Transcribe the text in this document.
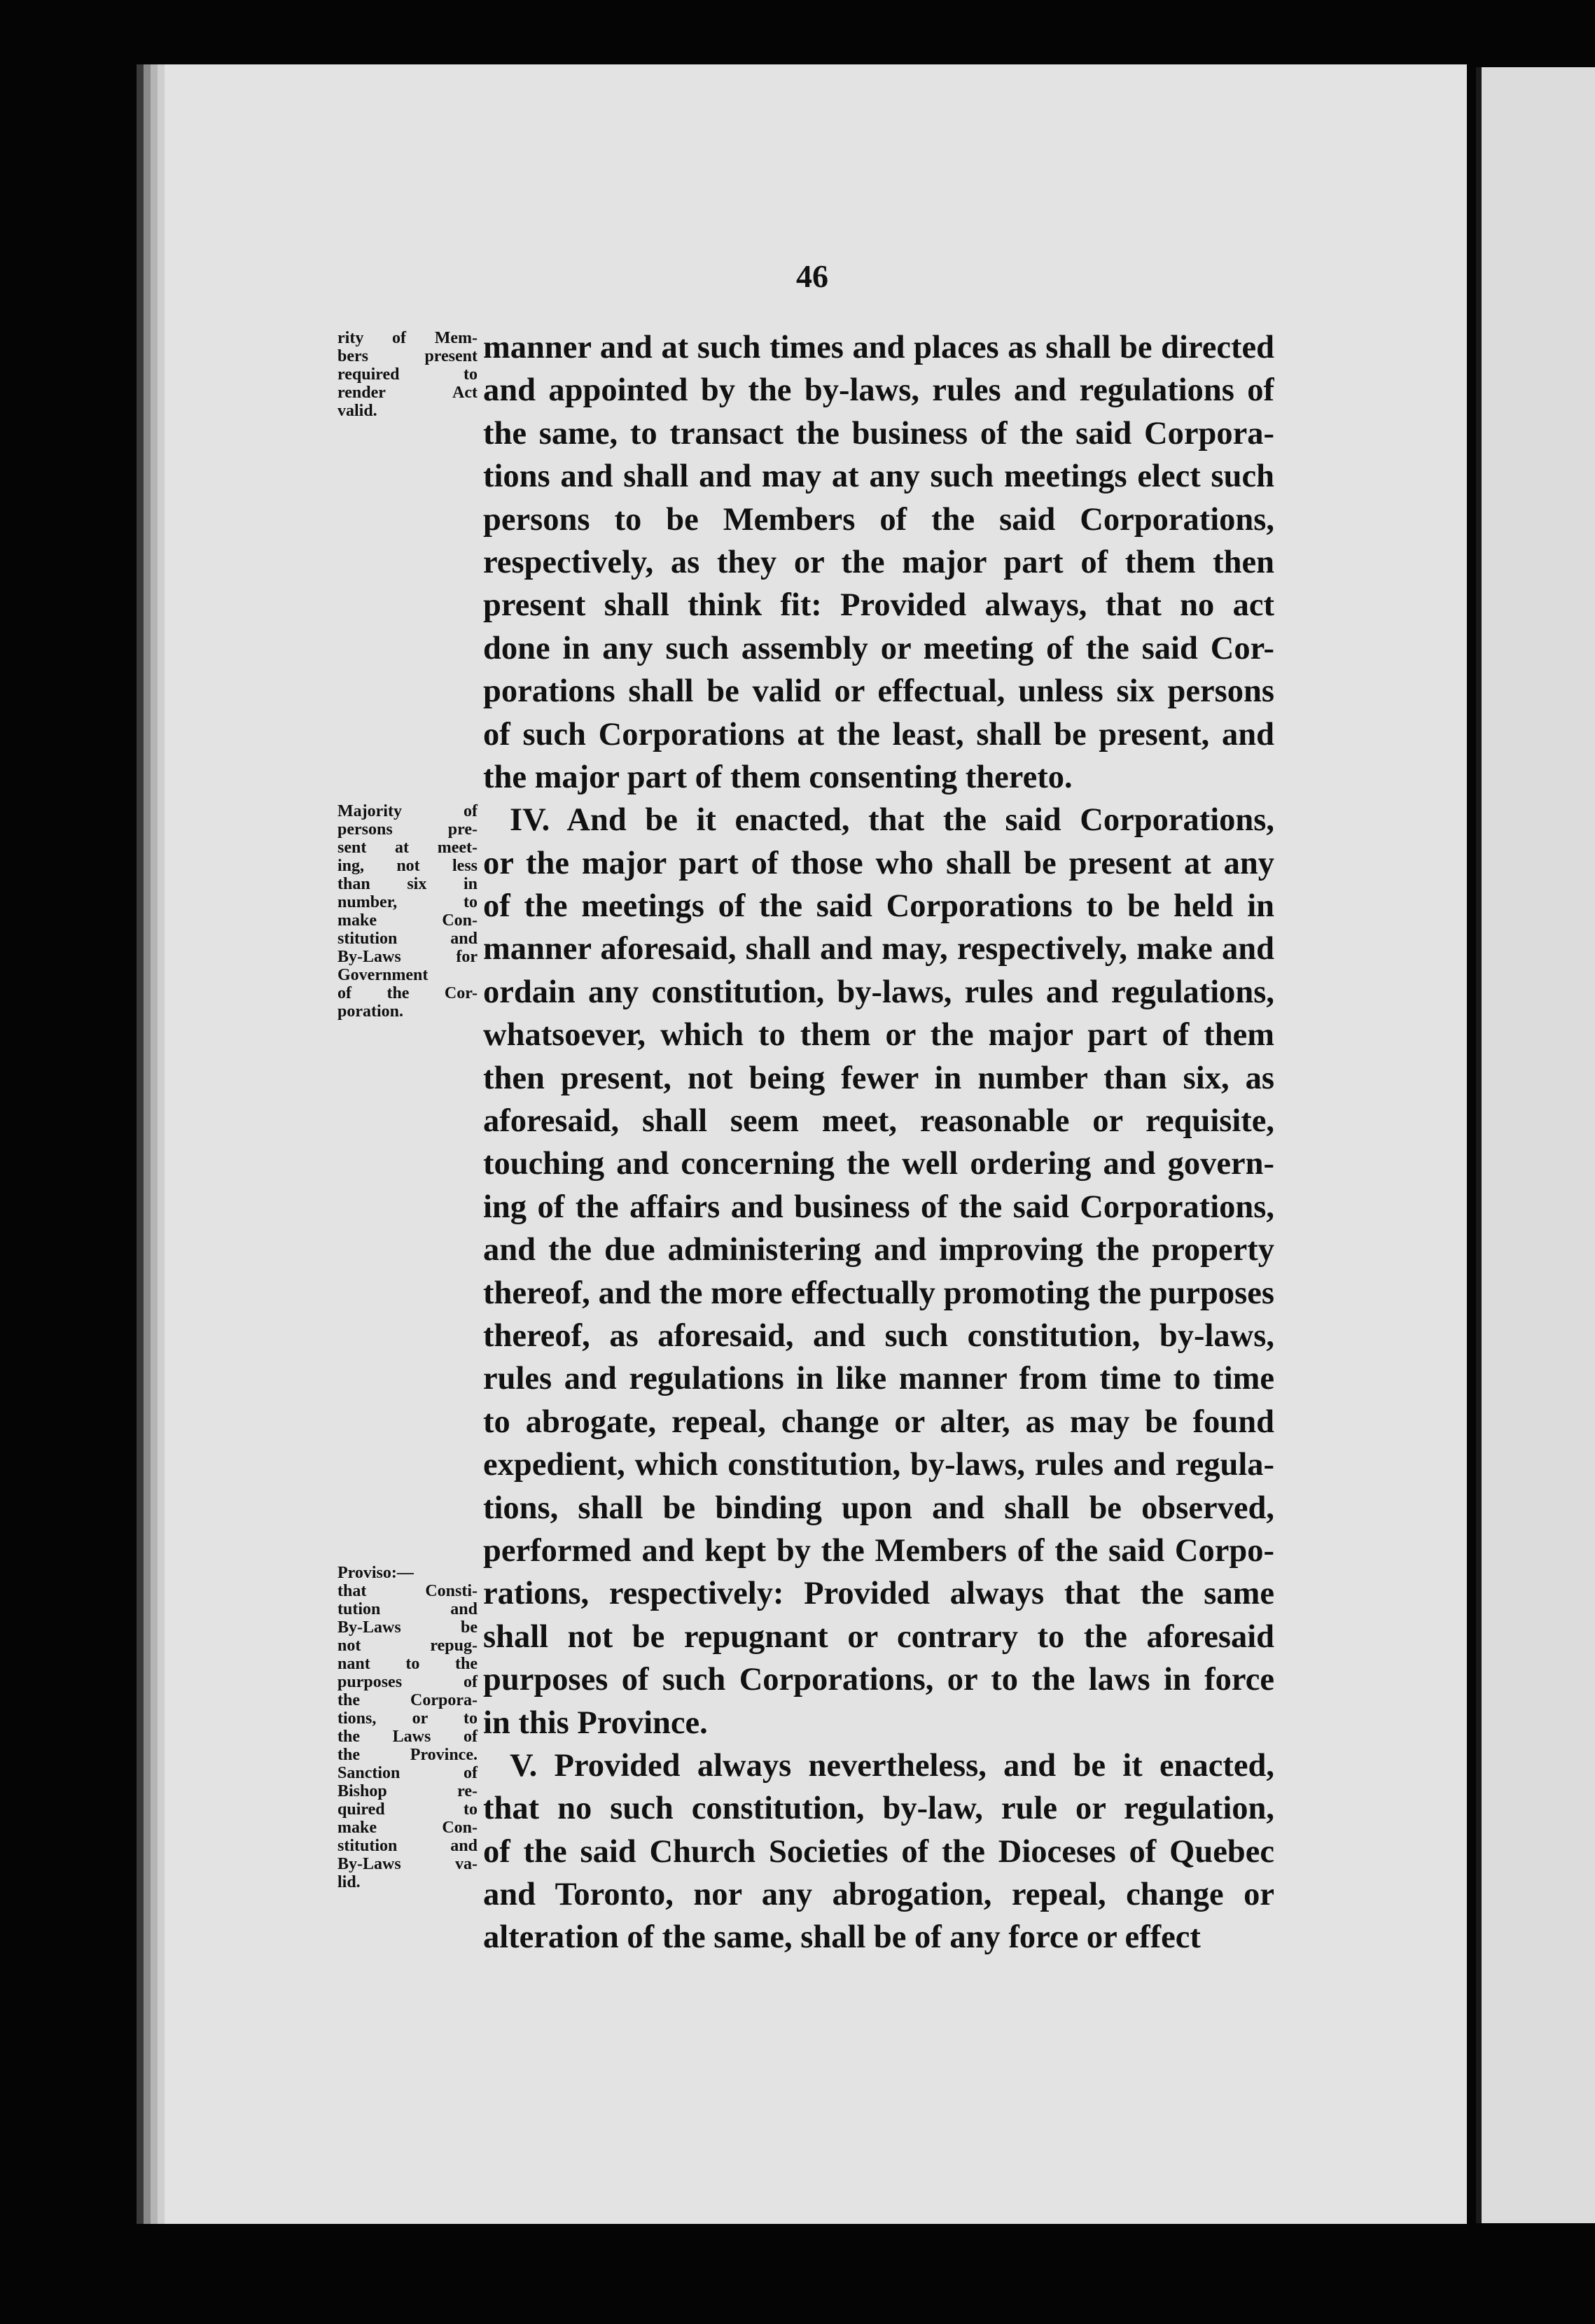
46
rity of Mem-
bers present
required to
render Act
valid.
Majority of
persons pre-
sent at meet-
ing, not less
than six in
number, to
make Con-
stitution and
By-Laws for
Government
of the Cor-
poration.
Proviso:—
that Consti-
tution and
By-Laws be
not repug-
nant to the
purposes of
the Corpora-
tions, or to
the Laws of
the Province.
Sanction of
Bishop re-
quired to
make Con-
stitution and
By-Laws va-
lid.
manner and at such times and places as shall be directed
and appointed by the by-laws, rules and regulations of
the same, to transact the business of the said Corpora-
tions and shall and may at any such meetings elect such
persons to be Members of the said Corporations,
respectively, as they or the major part of them then
present shall think fit: Provided always, that no act
done in any such assembly or meeting of the said Cor-
porations shall be valid or effectual, unless six persons
of such Corporations at the least, shall be present, and
the major part of them consenting thereto.
IV. And be it enacted, that the said Corporations,
or the major part of those who shall be present at any
of the meetings of the said Corporations to be held in
manner aforesaid, shall and may, respectively, make and
ordain any constitution, by-laws, rules and regulations,
whatsoever, which to them or the major part of them
then present, not being fewer in number than six, as
aforesaid, shall seem meet, reasonable or requisite,
touching and concerning the well ordering and govern-
ing of the affairs and business of the said Corporations,
and the due administering and improving the property
thereof, and the more effectually promoting the purposes
thereof, as aforesaid, and such constitution, by-laws,
rules and regulations in like manner from time to time
to abrogate, repeal, change or alter, as may be found
expedient, which constitution, by-laws, rules and regula-
tions, shall be binding upon and shall be observed,
performed and kept by the Members of the said Corpo-
rations, respectively: Provided always that the same
shall not be repugnant or contrary to the aforesaid
purposes of such Corporations, or to the laws in force
in this Province.
V. Provided always nevertheless, and be it enacted,
that no such constitution, by-law, rule or regulation,
of the said Church Societies of the Dioceses of Quebec
and Toronto, nor any abrogation, repeal, change or
alteration of the same, shall be of any force or effect
